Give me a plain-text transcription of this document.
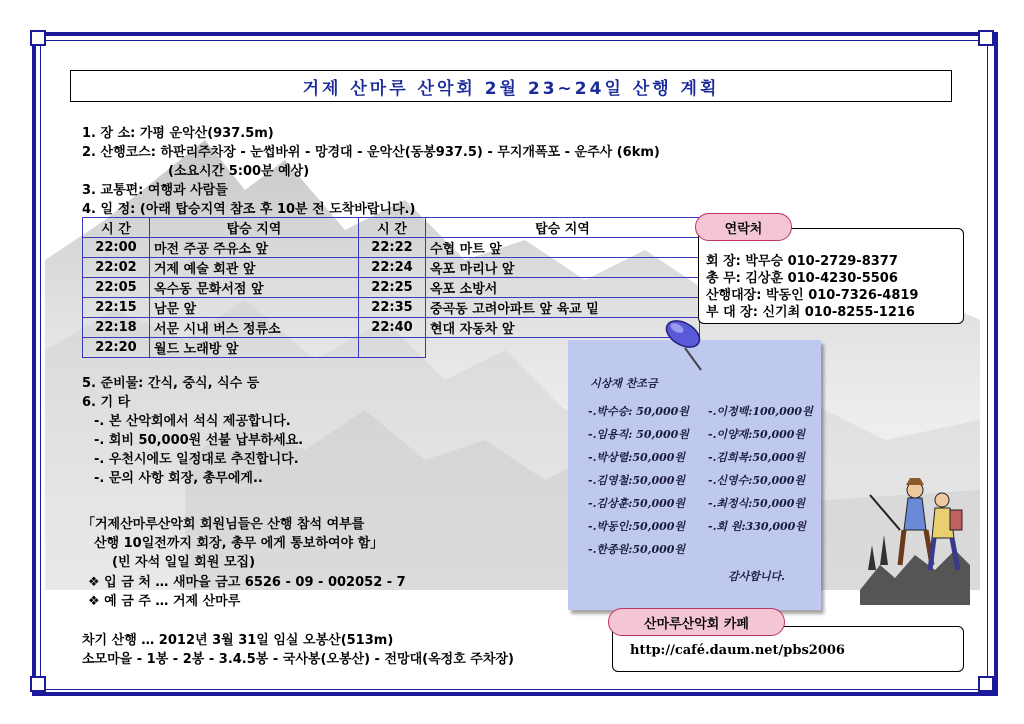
거제 산마루 산악회 2월 23~24일 산행 계획
1. 장 소: 가평 운악산(937.5m)
2. 산행코스: 하판리주차장 - 눈썹바위 - 망경대 - 운악산(동봉937.5) - 무지개폭포 - 운주사 (6km)
(소요시간 5:00분 예상)
3. 교통편: 여행과 사람들
4. 일 정: (아래 탑승지역 참조 후 10분 전 도착바랍니다.)
시 간	탑승 지역	시 간	탑승 지역
22:00	마전 주공 주유소 앞	22:22	수협 마트 앞
22:02	거제 예술 회관 앞	22:24	옥포 마리나 앞
22:05	옥수동 문화서점 앞	22:25	옥포 소방서
22:15	남문 앞	22:35	중곡동 고려아파트 앞 육교 밑
22:18	서문 시내 버스 정류소	22:40	현대 자동차 앞
22:20	월드 노래방 앞		
5. 준비물: 간식, 중식, 식수 등
6. 기 타
-. 본 산악회에서 석식 제공합니다.
-. 회비 50,000원 선불 납부하세요.
-. 우천시에도 일정대로 추진합니다.
-. 문의 사항 회장, 총무에게..
「거제산마루산악회 회원님들은 산행 참석 여부를
산행 10일전까지 회장, 총무 에게 통보하여야 함」
(빈 자석 일일 회원 모집)
❖ 입 금 처 … 새마을 금고 6526 - 09 - 002052 - 7
❖ 예 금 주 … 거제 산마루
차기 산행 … 2012년 3월 31일 임실 오봉산(513m)
소모마을 - 1봉 - 2봉 - 3.4.5봉 - 국사봉(오봉산) - 전망대(옥정호 주차장)
연락처
회 장: 박무승 010-2729-8377
총 무: 김상훈 010-4230-5506
산행대장: 박동인 010-7326-4819
부 대 장: 신기최 010-8255-1216
시상재 찬조금
-.박수승: 50,000원
-.임용직: 50,000원
-.박상렬:50,000원
-.김영철:50,000원
-.김상훈:50,000원
-.박동인:50,000원
-.한종원:50,000원
-.이정백:100,000원
-.이양재:50,000원
-.김희복:50,000원
-.신영수:50,000원
-.최정식:50,000원
-.회 원:330,000원
감사합니다.
산마루산악회 카페
http://café.daum.net/pbs2006
